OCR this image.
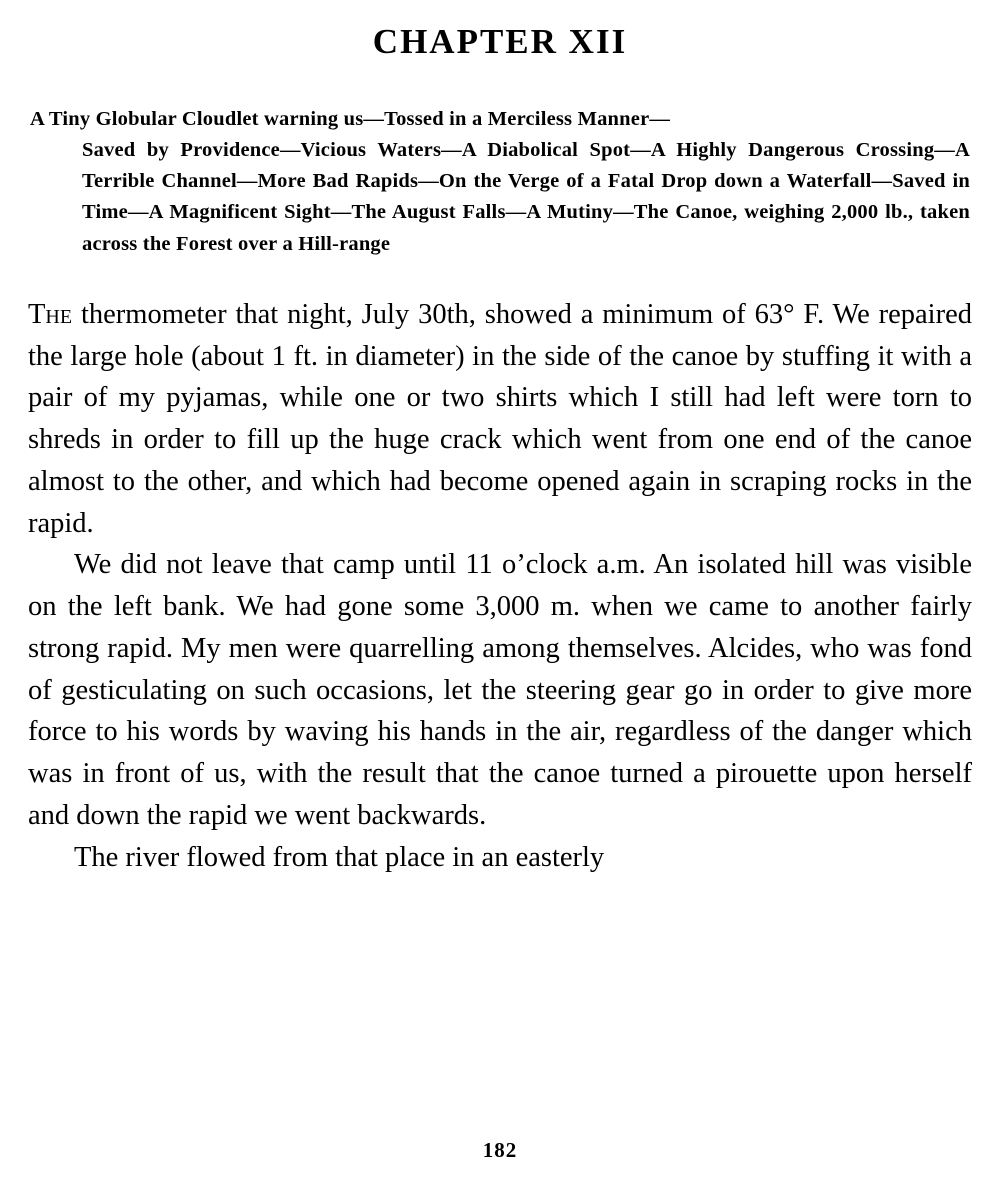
CHAPTER XII
A Tiny Globular Cloudlet warning us—Tossed in a Merciless Manner—
Saved by Providence—Vicious Waters—A Diabolical Spot—A Highly Dangerous Crossing—A Terrible Channel—More Bad Rapids—On the Verge of a Fatal Drop down a Waterfall—Saved in Time—A Magnificent Sight—The August Falls—A Mutiny—The Canoe, weighing 2,000 lb., taken across the Forest over a Hill-range

The thermometer that night, July 30th, showed a minimum of 63° F. We repaired the large hole (about 1 ft. in diameter) in the side of the canoe by stuffing it with a pair of my pyjamas, while one or two shirts which I still had left were torn to shreds in order to fill up the huge crack which went from one end of the canoe almost to the other, and which had become opened again in scraping rocks in the rapid.

We did not leave that camp until 11 o’clock a.m. An isolated hill was visible on the left bank. We had gone some 3,000 m. when we came to another fairly strong rapid. My men were quarrelling among themselves. Alcides, who was fond of gesticulating on such occasions, let the steering gear go in order to give more force to his words by waving his hands in the air, regardless of the danger which was in front of us, with the result that the canoe turned a pirouette upon herself and down the rapid we went backwards.

The river flowed from that place in an easterly

182
